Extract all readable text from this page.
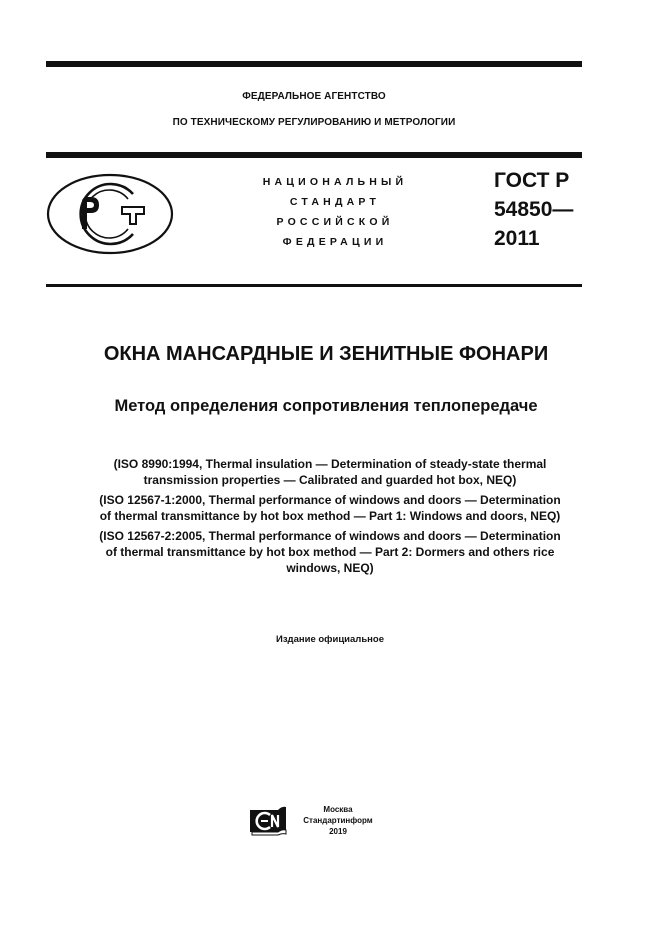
ФЕДЕРАЛЬНОЕ АГЕНТСТВО
ПО ТЕХНИЧЕСКОМУ РЕГУЛИРОВАНИЮ И МЕТРОЛОГИИ
НАЦИОНАЛЬНЫЙ
СТАНДАРТ
РОССИЙСКОЙ
ФЕДЕРАЦИИ
ГОСТ Р
54850—
2011
ОКНА МАНСАРДНЫЕ И ЗЕНИТНЫЕ ФОНАРИ
Метод определения сопротивления теплопередаче
(ISO 8990:1994, Thermal insulation — Determination of steady-state thermal
transmission properties — Calibrated and guarded hot box, NEQ)
(ISO 12567-1:2000, Thermal performance of windows and doors — Determination
of thermal transmittance by hot box method — Part 1: Windows and doors, NEQ)
(ISO 12567-2:2005, Thermal performance of windows and doors — Determination
of thermal transmittance by hot box method — Part 2: Dormers and others rice
windows, NEQ)
Издание официальное
Москва
Стандартинформ
2019
